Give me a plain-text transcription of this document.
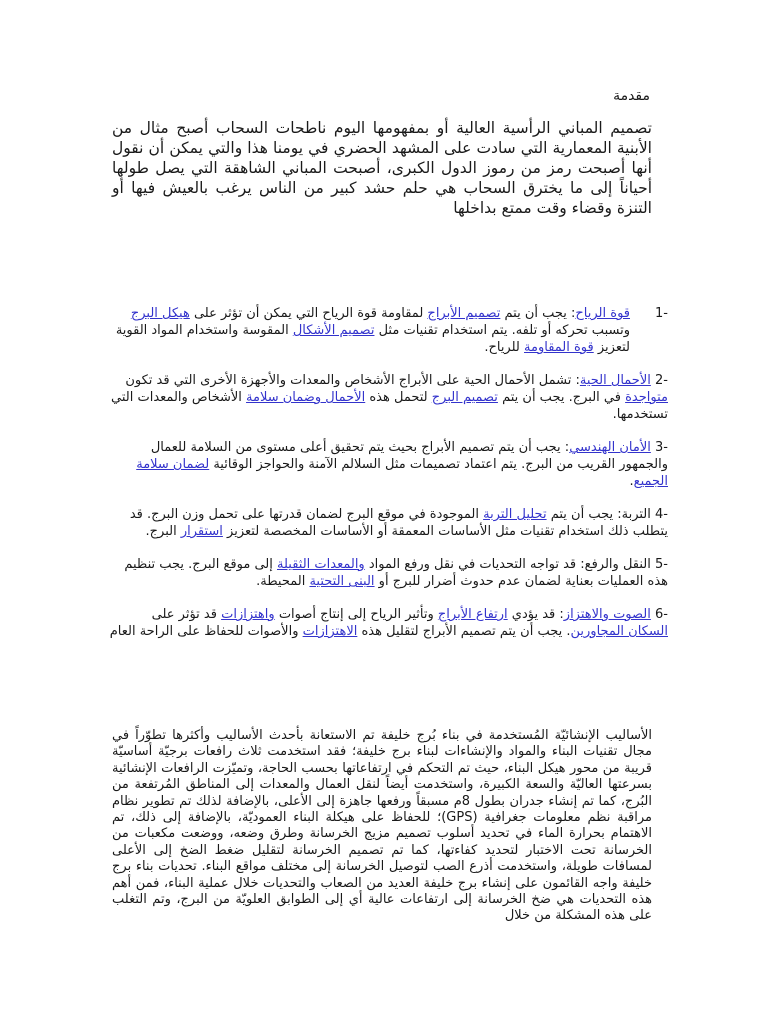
مقدمة
تصميم المباني الرأسية العالية أو بمفهومها اليوم ناطحات السحاب أصبح مثال من الأبنية المعمارية التي سادت على المشهد الحضري في يومنا هذا والتي يمكن أن نقول أنها أصبحت رمز من رموز الدول الكبرى، أصبحت المباني الشاهقة التي يصل طولها أحياناً إلى ما يخترق السحاب هي حلم حشد كبير من الناس يرغب بالعيش فيها أو التنزة وقضاء وقت ممتع بداخلها
-1
قوة الرياح: يجب أن يتم تصميم الأبراج لمقاومة قوة الرياح التي يمكن أن تؤثر على هيكل البرج وتسبب تحركه أو تلفه. يتم استخدام تقنيات مثل تصميم الأشكال المقوسة واستخدام المواد القوية لتعزيز قوة المقاومة للرياح.
-2 الأحمال الحية: تشمل الأحمال الحية على الأبراج الأشخاص والمعدات والأجهزة الأخرى التي قد تكون متواجدة في البرج. يجب أن يتم تصميم البرج لتحمل هذه الأحمال وضمان سلامة الأشخاص والمعدات التي تستخدمها.
-3 الأمان الهندسي: يجب أن يتم تصميم الأبراج بحيث يتم تحقيق أعلى مستوى من السلامة للعمال والجمهور القريب من البرج. يتم اعتماد تصميمات مثل السلالم الآمنة والحواجز الوقائية لضمان سلامة الجميع.
-4 التربة: يجب أن يتم تحليل التربة الموجودة في موقع البرج لضمان قدرتها على تحمل وزن البرج. قد يتطلب ذلك استخدام تقنيات مثل الأساسات المعمقة أو الأساسات المخصصة لتعزيز استقرار البرج.
-5 النقل والرفع: قد تواجه التحديات في نقل ورفع المواد والمعدات الثقيلة إلى موقع البرج. يجب تنظيم هذه العمليات بعناية لضمان عدم حدوث أضرار للبرج أو البنى التحتية المحيطة.
-6 الصوت والاهتزاز: قد يؤدي ارتفاع الأبراج وتأثير الرياح إلى إنتاج أصوات واهتزازات قد تؤثر على السكان المجاورين. يجب أن يتم تصميم الأبراج لتقليل هذه الاهتزازات والأصوات للحفاظ على الراحة العام
الأساليب الإنشائيّة المُستخدمة في بناء بُرج خليفة تم الاستعانة بأحدث الأساليب وأكثرها تطوّراً في مجال تقنيات البناء والمواد والإنشاءات لبناء برج خليفة؛ فقد استخدمت ثلاث رافعات برجيّة أساسيّة قريبة من محور هيكل البناء، حيث تم التحكم في ارتفاعاتها بحسب الحاجة، وتميّزت الرافعات الإنشائية بسرعتها العاليّة والسعة الكبيرة، واستخدمت أيضاً لنقل العمال والمعدات إلى المناطق المُرتفعة من البُرج، كما تم إنشاء جدران بطول 8م مسبقاً ورفعها جاهزة إلى الأعلى، بالإضافة لذلك تم تطوير نظام مراقبة نظم معلومات جغرافية (GPS)؛ للحفاظ على هيكلة البناء العموديّة، بالإضافة إلى ذلك، تم الاهتمام بحرارة الماء في تحديد أسلوب تصميم مزيج الخرسانة وطرق وضعه، ووضعت مكعبات من الخرسانة تحت الاختبار لتحديد كفاءتها، كما تم تصميم الخرسانة لتقليل ضغط الضخ إلى الأعلى لمسافات طويلة، واستخدمت أذرع الصب لتوصيل الخرسانة إلى مختلف مواقع البناء. تحديات بناء برج خليفة واجه القائمون على إنشاء برج خليفة العديد من الصعاب والتحديات خلال عملية البناء، فمن أهم هذه التحديات هي ضخ الخرسانة إلى ارتفاعات عالية أي إلى الطوابق العلويّة من البرج، وتم التغلب على هذه المشكلة من خلال
